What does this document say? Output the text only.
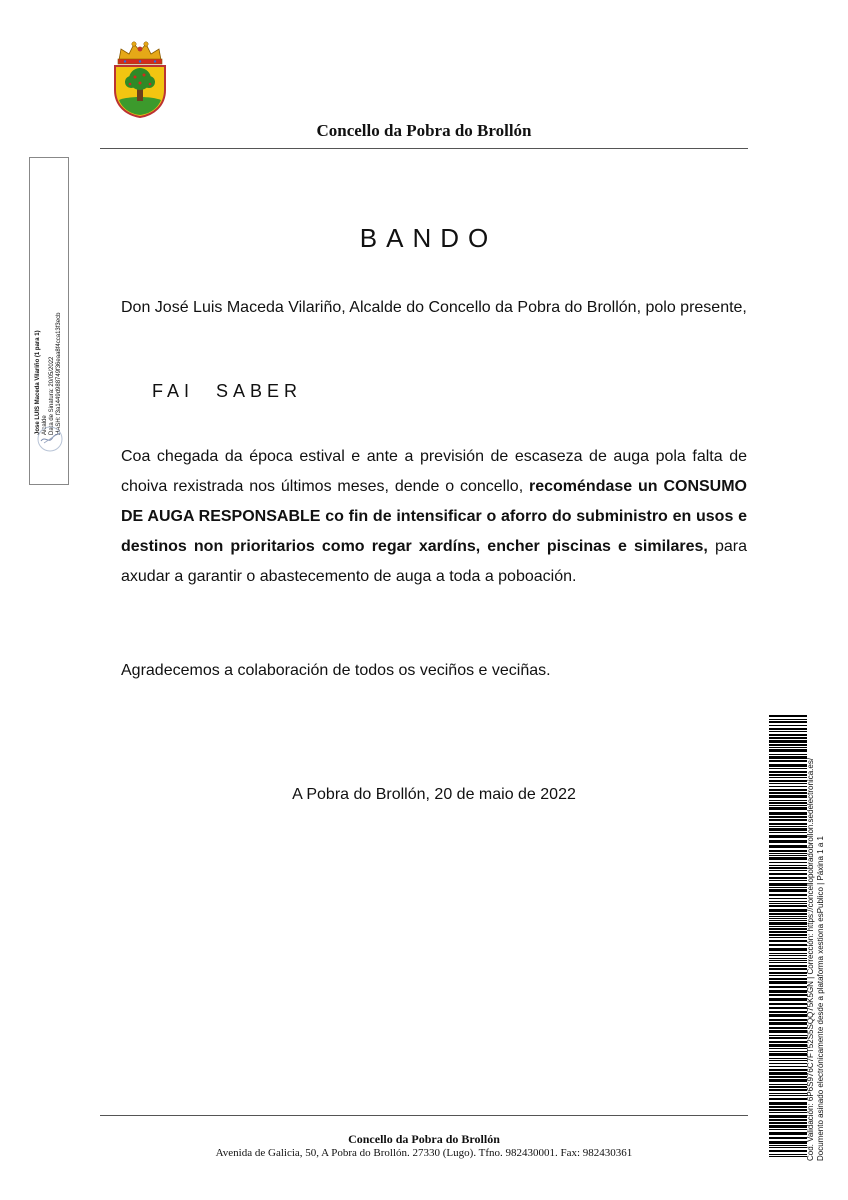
Concello da Pobra do Brollón
Jose LUIS Maceda Vilariño (1 para 1) Alcalde Data de Sinatura: 20/05/2022 HASH: f3a1449d988749f36eaa8f4cca13f3ecb
BANDO
Don José Luis Maceda Vilariño, Alcalde do Concello da Pobra do Brollón, polo presente,
FAI SABER
Coa chegada da época estival e ante a previsión de escaseza de auga pola falta de choiva rexistrada nos últimos meses, dende o concello, recoméndase un CONSUMO DE AUGA RESPONSABLE co fin de intensificar o aforro do subministro en usos e destinos non prioritarios como regar xardíns, encher piscinas e similares, para axudar a garantir o abastecemento de auga a toda a poboación.
Agradecemos a colaboración de todos os veciños e veciñas.
A Pobra do Brollón, 20 de maio de 2022	Cod. Validación: 6P6S976C7FT52S5SQQ75K5GN | Corrección: https://concellopobradobrollon.sedelectronica.es/ Documento asinado electrónicamente desde a plataforma xestiona esPublico | Páxina 1 a 1
Concello da Pobra do Brollón
Avenida de Galicia, 50, A Pobra do Brollón. 27330 (Lugo). Tfno. 982430001. Fax: 982430361
